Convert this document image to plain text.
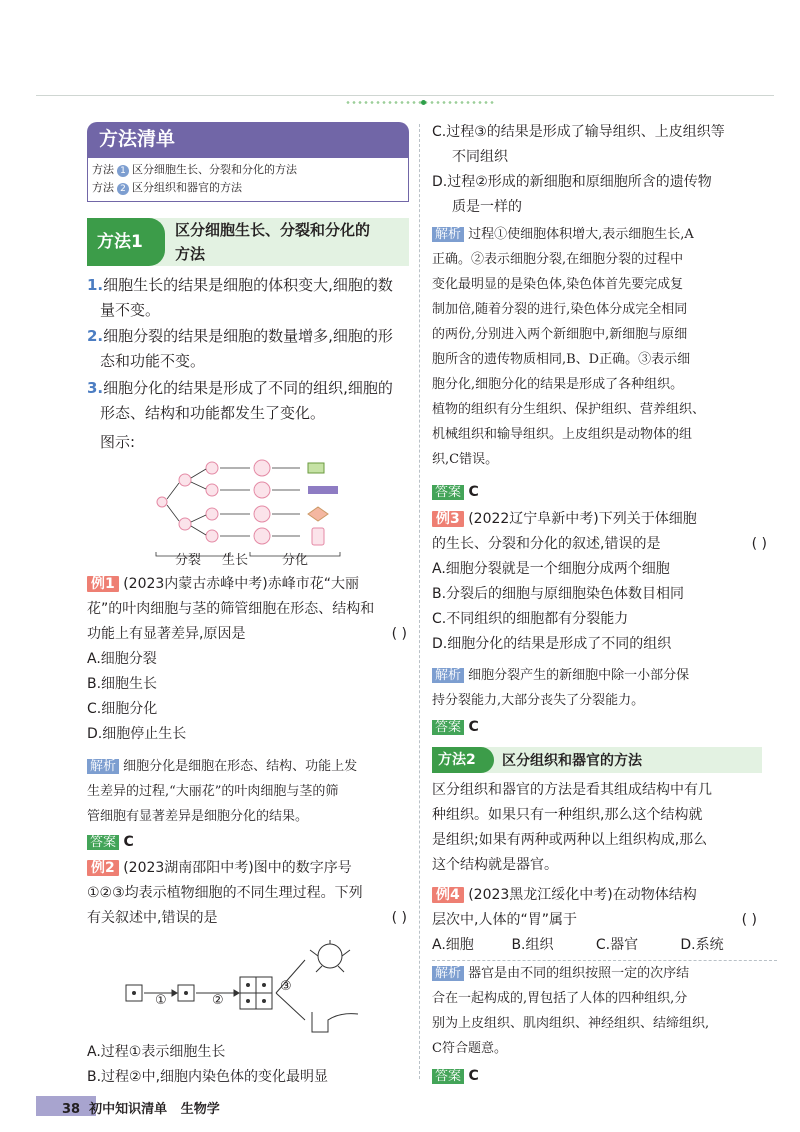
方法清单
方法 1 区分细胞生长、分裂和分化的方法
方法 2 区分组织和器官的方法
方法1
区分细胞生长、分裂和分化的
方法
1.细胞生长的结果是细胞的体积变大,细胞的数
量不变。
2.细胞分裂的结果是细胞的数量增多,细胞的形
态和功能不变。
3.细胞分化的结果是形成了不同的组织,细胞的
形态、结构和功能都发生了变化。
图示:
分裂 生长	分化
例1 (2023内蒙古赤峰中考)赤峰市花“大丽
花”的叶肉细胞与茎的筛管细胞在形态、结构和
功能上有显著差异,原因是	( )
A.细胞分裂
B.细胞生长
C.细胞分化
D.细胞停止生长
解析 细胞分化是细胞在形态、结构、功能上发
生差异的过程,“大丽花”的叶肉细胞与茎的筛
管细胞有显著差异是细胞分化的结果。
答案 C
例2 (2023湖南邵阳中考)图中的数字序号
①②③均表示植物细胞的不同生理过程。下列
有关叙述中,错误的是	( )
①	②
③
A.过程①表示细胞生长
B.过程②中,细胞内染色体的变化最明显
C.过程③的结果是形成了输导组织、上皮组织等
不同组织
D.过程②形成的新细胞和原细胞所含的遗传物
质是一样的
解析 过程①使细胞体积增大,表示细胞生长,A
正确。②表示细胞分裂,在细胞分裂的过程中
变化最明显的是染色体,染色体首先要完成复
制加倍,随着分裂的进行,染色体分成完全相同
的两份,分别进入两个新细胞中,新细胞与原细
胞所含的遗传物质相同,B、D正确。③表示细
胞分化,细胞分化的结果是形成了各种组织。
植物的组织有分生组织、保护组织、营养组织、
机械组织和输导组织。上皮组织是动物体的组
织,C错误。
答案 C
例3 (2022辽宁阜新中考)下列关于体细胞
的生长、分裂和分化的叙述,错误的是	( )
A.细胞分裂就是一个细胞分成两个细胞
B.分裂后的细胞与原细胞染色体数目相同
C.不同组织的细胞都有分裂能力
D.细胞分化的结果是形成了不同的组织
解析 细胞分裂产生的新细胞中除一小部分保
持分裂能力,大部分丧失了分裂能力。
答案 C
方法2	区分组织和器官的方法
区分组织和器官的方法是看其组成结构中有几
种组织。如果只有一种组织,那么这个结构就
是组织;如果有两种或两种以上组织构成,那么
这个结构就是器官。
例4 (2023黑龙江绥化中考)在动物体结构
层次中,人体的“胃”属于	( )
A.细胞	B.组织	C.器官	D.系统
解析 器官是由不同的组织按照一定的次序结
合在一起构成的,胃包括了人体的四种组织,分
别为上皮组织、肌肉组织、神经组织、结缔组织,
C符合题意。
答案 C
38 初中知识清单 生物学
